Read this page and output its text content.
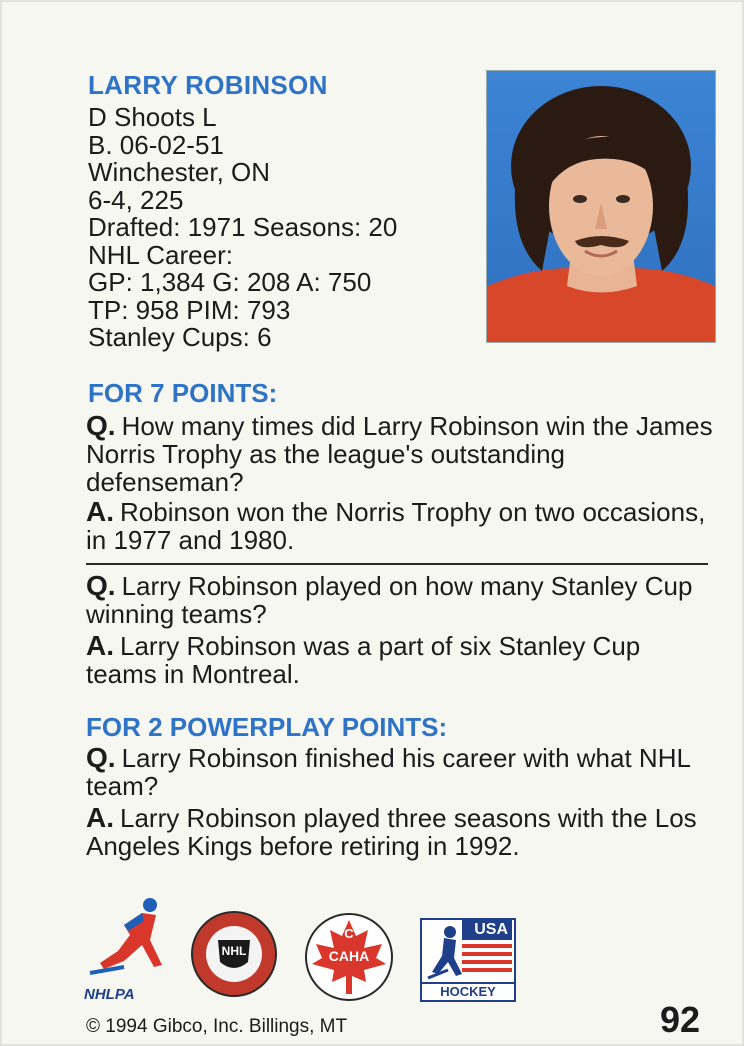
LARRY ROBINSON
D Shoots L
B. 06-02-51
Winchester, ON
6-4, 225
Drafted: 1971 Seasons: 20
NHL Career:
GP: 1,384 G: 208 A: 750
TP: 958 PIM: 793
Stanley Cups: 6
FOR 7 POINTS:
Q. How many times did Larry Robinson win the James Norris Trophy as the league's outstanding defenseman?
A. Robinson won the Norris Trophy on two occasions, in 1977 and 1980.
Q. Larry Robinson played on how many Stanley Cup winning teams?
A. Larry Robinson was a part of six Stanley Cup teams in Montreal.
FOR 2 POWERPLAY POINTS:
Q. Larry Robinson finished his career with what NHL team?
A. Larry Robinson played three seasons with the Los Angeles Kings before retiring in 1992.
NHLPA
NHL
C
CAHA
USA
HOCKEY
© 1994 Gibco, Inc. Billings, MT	92
